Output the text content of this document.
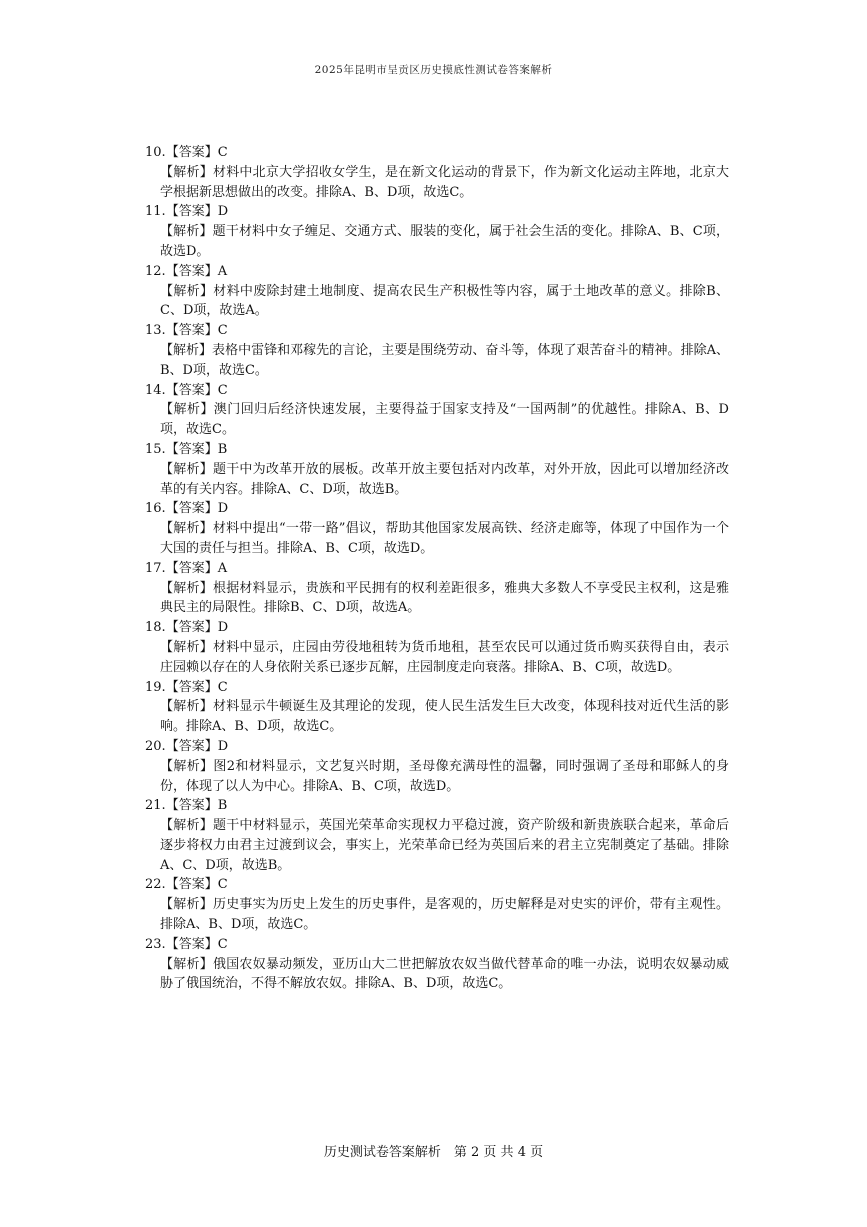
2025年昆明市呈贡区历史摸底性测试卷答案解析
10.【答案】C
【解析】材料中北京大学招收女学生，是在新文化运动的背景下，作为新文化运动主阵地，北京大学根据新思想做出的改变。排除A、B、D项，故选C。
11.【答案】D
【解析】题干材料中女子缠足、交通方式、服装的变化，属于社会生活的变化。排除A、B、C项，故选D。
12.【答案】A
【解析】材料中废除封建土地制度、提高农民生产积极性等内容，属于土地改革的意义。排除B、C、D项，故选A。
13.【答案】C
【解析】表格中雷锋和邓稼先的言论，主要是围绕劳动、奋斗等，体现了艰苦奋斗的精神。排除A、B、D项，故选C。
14.【答案】C
【解析】澳门回归后经济快速发展，主要得益于国家支持及“一国两制”的优越性。排除A、B、D项，故选C。
15.【答案】B
【解析】题干中为改革开放的展板。改革开放主要包括对内改革，对外开放，因此可以增加经济改革的有关内容。排除A、C、D项，故选B。
16.【答案】D
【解析】材料中提出“一带一路”倡议，帮助其他国家发展高铁、经济走廊等，体现了中国作为一个大国的责任与担当。排除A、B、C项，故选D。
17.【答案】A
【解析】根据材料显示，贵族和平民拥有的权利差距很多，雅典大多数人不享受民主权利，这是雅典民主的局限性。排除B、C、D项，故选A。
18.【答案】D
【解析】材料中显示，庄园由劳役地租转为货币地租，甚至农民可以通过货币购买获得自由，表示庄园赖以存在的人身依附关系已逐步瓦解，庄园制度走向衰落。排除A、B、C项，故选D。
19.【答案】C
【解析】材料显示牛顿诞生及其理论的发现，使人民生活发生巨大改变，体现科技对近代生活的影响。排除A、B、D项，故选C。
20.【答案】D
【解析】图2和材料显示，文艺复兴时期，圣母像充满母性的温馨，同时强调了圣母和耶稣人的身份，体现了以人为中心。排除A、B、C项，故选D。
21.【答案】B
【解析】题干中材料显示，英国光荣革命实现权力平稳过渡，资产阶级和新贵族联合起来，革命后逐步将权力由君主过渡到议会，事实上，光荣革命已经为英国后来的君主立宪制奠定了基础。排除A、C、D项，故选B。
22.【答案】C
【解析】历史事实为历史上发生的历史事件，是客观的，历史解释是对史实的评价，带有主观性。排除A、B、D项，故选C。
23.【答案】C
【解析】俄国农奴暴动频发，亚历山大二世把解放农奴当做代替革命的唯一办法，说明农奴暴动威胁了俄国统治，不得不解放农奴。排除A、B、D项，故选C。
历史测试卷答案解析　第 2 页 共 4 页
